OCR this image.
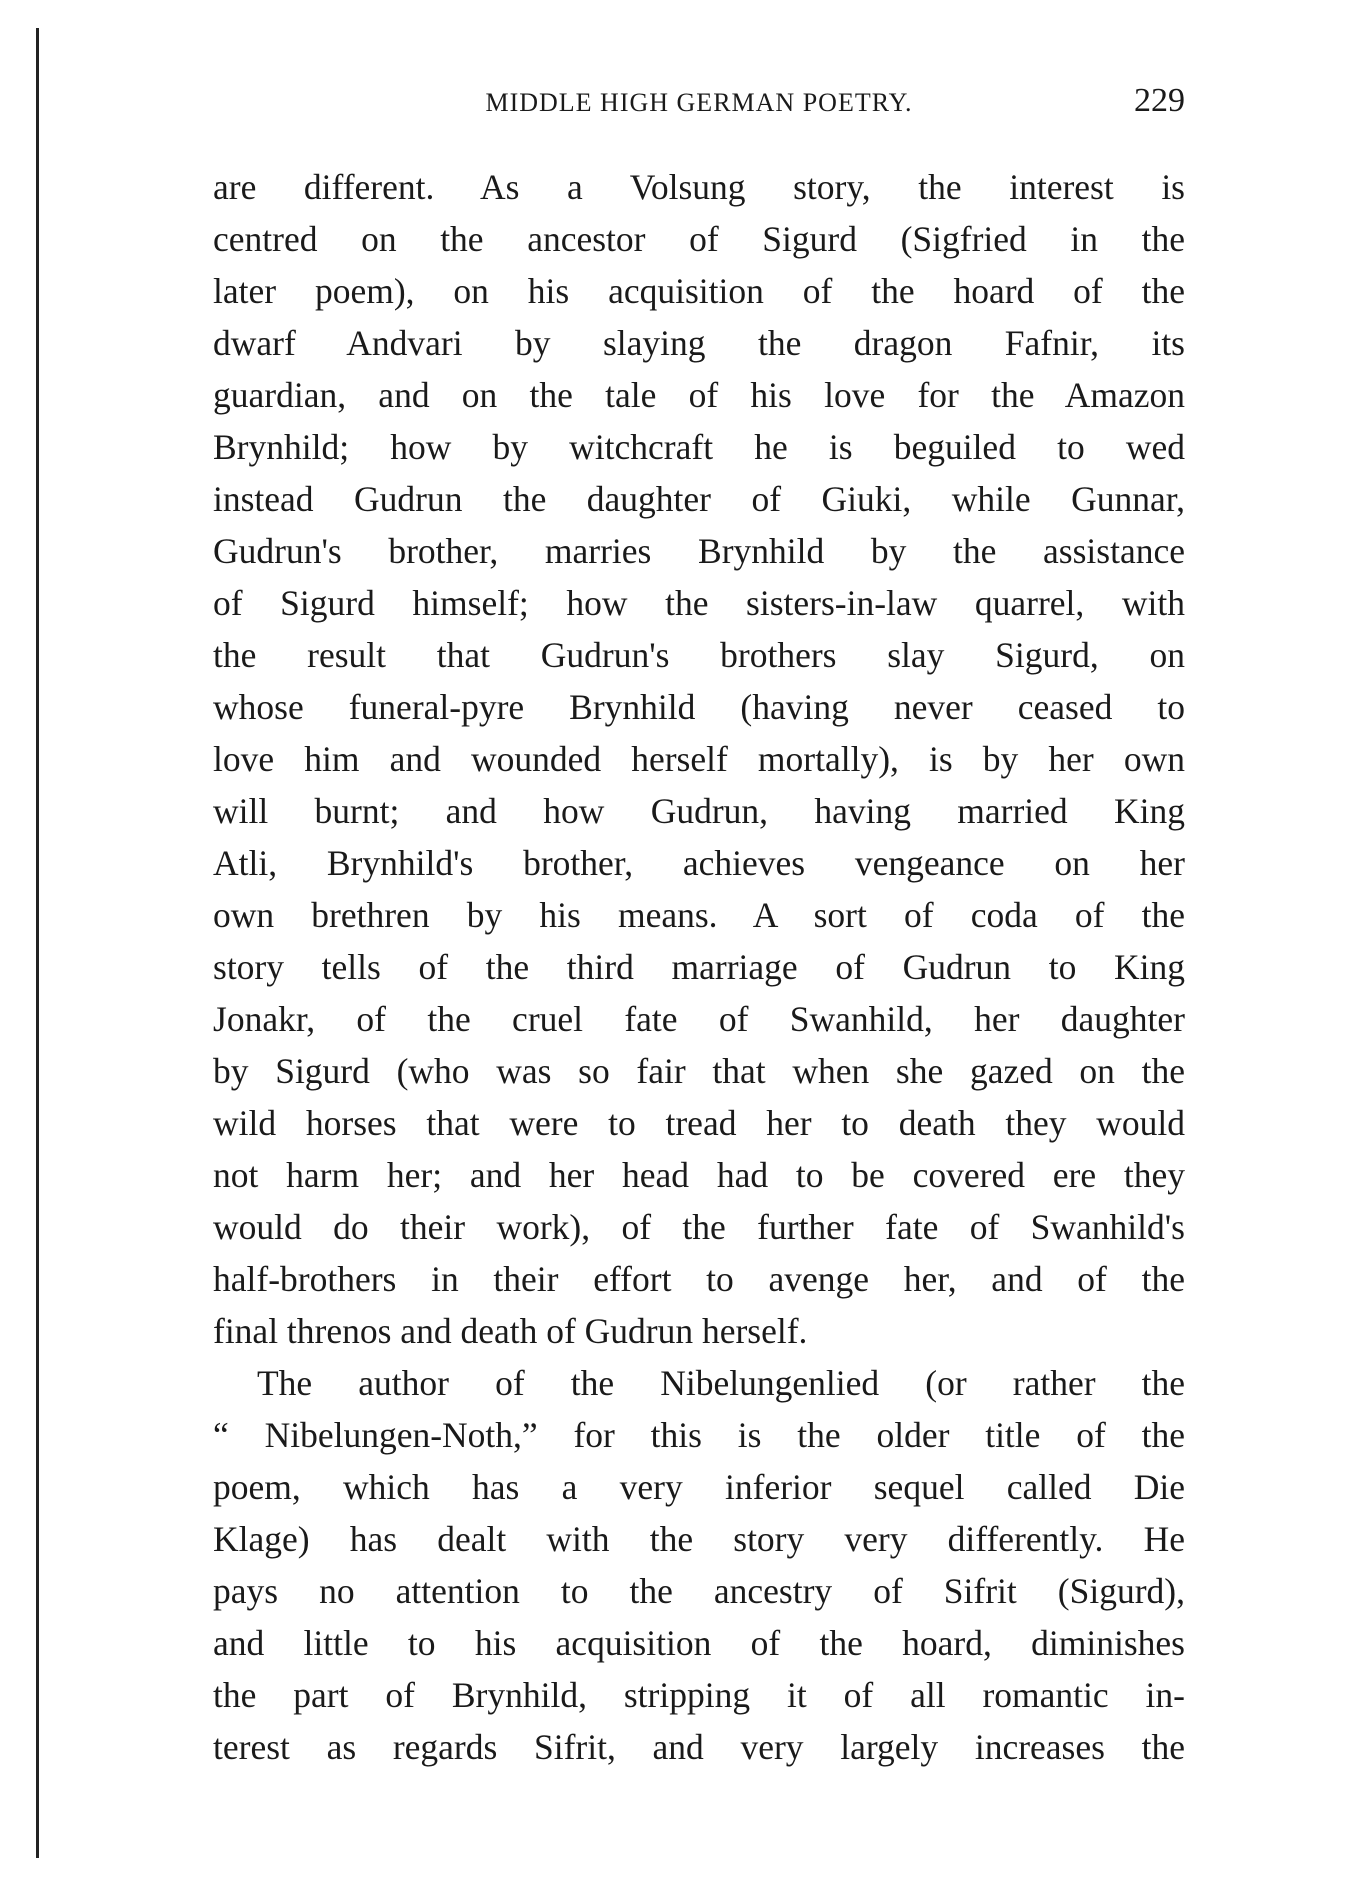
MIDDLE HIGH GERMAN POETRY.	229
are different. As a Volsung story, the interest is
centred on the ancestor of Sigurd (Sigfried in the
later poem), on his acquisition of the hoard of the
dwarf Andvari by slaying the dragon Fafnir, its
guardian, and on the tale of his love for the Amazon
Brynhild; how by witchcraft he is beguiled to wed
instead Gudrun the daughter of Giuki, while Gunnar,
Gudrun's brother, marries Brynhild by the assistance
of Sigurd himself; how the sisters-in-law quarrel, with
the result that Gudrun's brothers slay Sigurd, on
whose funeral-pyre Brynhild (having never ceased to
love him and wounded herself mortally), is by her own
will burnt; and how Gudrun, having married King
Atli, Brynhild's brother, achieves vengeance on her
own brethren by his means. A sort of coda of the
story tells of the third marriage of Gudrun to King
Jonakr, of the cruel fate of Swanhild, her daughter
by Sigurd (who was so fair that when she gazed on the
wild horses that were to tread her to death they would
not harm her; and her head had to be covered ere they
would do their work), of the further fate of Swanhild's
half-brothers in their effort to avenge her, and of the
final threnos and death of Gudrun herself.
The author of the Nibelungenlied (or rather the
“ Nibelungen-Noth,” for this is the older title of the
poem, which has a very inferior sequel called Die
Klage) has dealt with the story very differently. He
pays no attention to the ancestry of Sifrit (Sigurd),
and little to his acquisition of the hoard, diminishes
the part of Brynhild, stripping it of all romantic in-
terest as regards Sifrit, and very largely increases the
